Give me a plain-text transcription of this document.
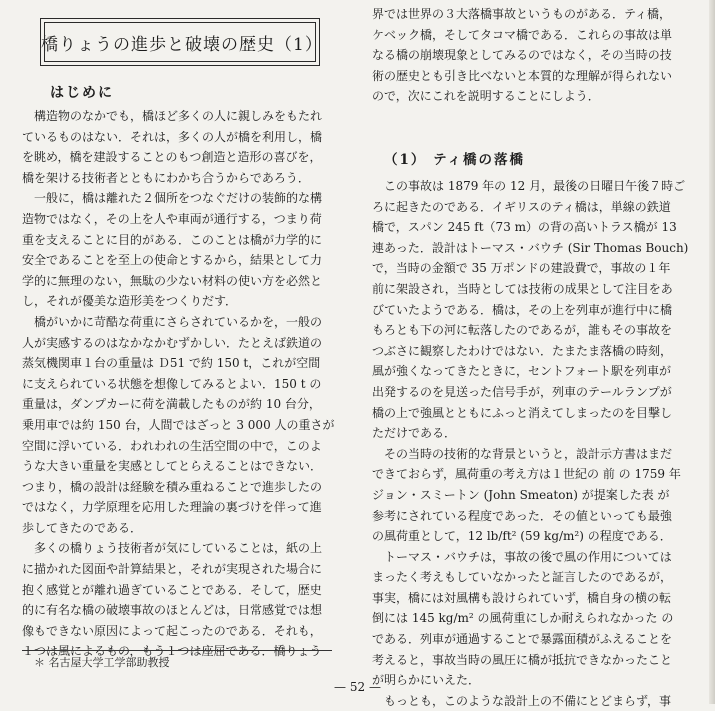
橋りょうの進歩と破壊の歴史（1）
はじめに
構造物のなかでも，橋ほど多くの人に親しみをもたれ
ているものはない．それは，多くの人が橋を利用し，橋
を眺め，橋を建設することのもつ創造と造形の喜びを，
橋を架ける技術者とともにわかち合うからであろう．
一般に，橋は離れた２個所をつなぐだけの装飾的な構
造物ではなく，その上を人や車両が通行する，つまり荷
重を支えることに目的がある．このことは橋が力学的に
安全であることを至上の使命とするから，結果として力
学的に無理のない，無駄の少ない材料の使い方を必然と
し，それが優美な造形美をつくりだす．
橋がいかに苛酷な荷重にさらされているかを，一般の
人が実感するのはなかなかむずかしい．たとえば鉄道の
蒸気機関車１台の重量は Ｄ51 で約 150 t，これが空間
に支えられている状態を想像してみるとよい．150 t の
重量は，ダンプカーに荷を満載したものが約 10 台分，
乗用車では約 150 台，人間ではざっと 3 000 人の重さが
空間に浮いている．われわれの生活空間の中で，このよ
うな大きい重量を実感としてとらえることはできない．
つまり，橋の設計は経験を積み重ねることで進歩したの
ではなく，力学原理を応用した理論の裏づけを伴って進
歩してきたのである．
多くの橋りょう技術者が気にしていることは，紙の上
に描かれた図面や計算結果と，それが実現された場合に
抱く感覚とが離れ過ぎていることである．そして，歴史
的に有名な橋の破壊事故のほとんどは，日常感覚では想
像もできない原因によって起こったのである．それも，
１つは風によるもの，もう１つは座屈である．橋りょう
界では世界の３大落橋事故というものがある．ティ橋，
ケベック橋，そしてタコマ橋である．これらの事故は単
なる橋の崩壊現象としてみるのではなく，その当時の技
術の歴史とも引き比べないと本質的な理解が得られない
ので，次にこれを説明することにしよう．
（1） ティ橋の落橋
この事故は 1879 年の 12 月，最後の日曜日午後７時ご
ろに起きたのである．イギリスのティ橋は，単線の鉄道
橋で，スパン 245 ft（73 m）の背の高いトラス橋が 13
連あった．設計はトーマス・バウチ (Sir Thomas Bouch)
で，当時の金額で 35 万ポンドの建設費で，事故の１年
前に架設され，当時としては技術の成果として注目をあ
びていたようである．橋は，その上を列車が進行中に橋
もろとも下の河に転落したのであるが，誰もその事故を
つぶさに観察したわけではない．たまたま落橋の時刻，
風が強くなってきたときに，セントフォート駅を列車が
出発するのを見送った信号手が，列車のテールランプが
橋の上で強風とともにふっと消えてしまったのを目撃し
ただけである．
その当時の技術的な背景というと，設計示方書はまだ
できておらず，風荷重の考え方は１世紀の 前 の 1759 年
ジョン・スミートン (John Smeaton) が提案した表 が
参考にされている程度であった．その値といっても最強
の風荷重として，12 lb/ft² (59 kg/m²) の程度である．
トーマス・バウチは，事故の後で風の作用については
まったく考えもしていなかったと証言したのであるが，
事実，橋には対風構も設けられていず，橋自身の横の転
倒には 145 kg/m² の風荷重にしか耐えられなかった の
である．列車が通過することで暴露面積がふえることを
考えると，事故当時の風圧に橋が抵抗できなかったこと
が明らかにいえた．
もっとも，このような設計上の不備にとどまらず，事
＊ 名古屋大学工学部助教授
— 52 —
